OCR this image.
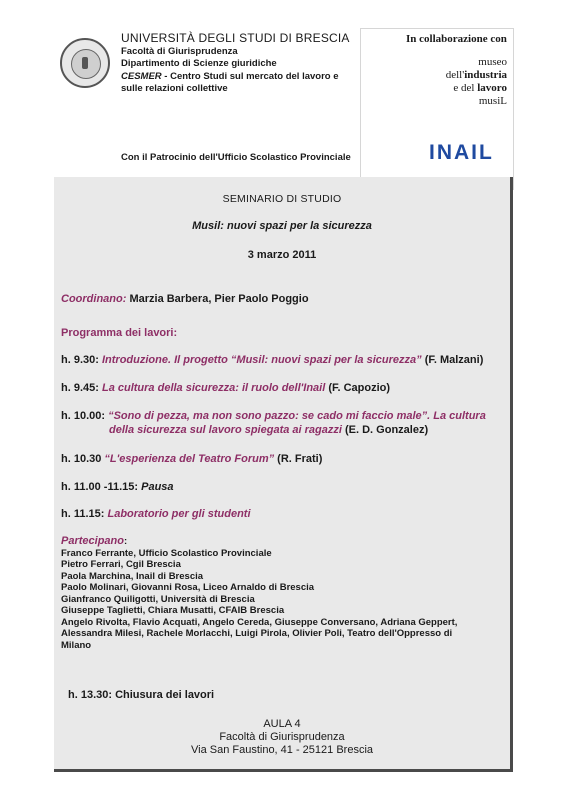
UNIVERSITÀ DEGLI STUDI DI BRESCIA
Facoltà di Giurisprudenza
Dipartimento di Scienze giuridiche
CESMER - Centro Studi sul mercato del lavoro e
sulle relazioni collettive
In collaborazione con
museo
dell'industria
e del lavoro
musiL
INAIL
Con il Patrocinio dell'Ufficio Scolastico Provinciale
SEMINARIO DI STUDIO
Musil: nuovi spazi per la sicurezza
3 marzo 2011
Coordinano: Marzia Barbera, Pier Paolo Poggio
Programma dei lavori:
h. 9.30: Introduzione. Il progetto “Musil: nuovi spazi per la sicurezza” (F. Malzani)
h. 9.45: La cultura della sicurezza: il ruolo dell'Inail (F. Capozio)
h. 10.00: “Sono di pezza, ma non sono pazzo: se cado mi faccio male”. La cultura
della sicurezza sul lavoro spiegata ai ragazzi (E. D. Gonzalez)
h. 10.30 “L'esperienza del Teatro Forum” (R. Frati)
h. 11.00 -11.15: Pausa
h. 11.15: Laboratorio per gli studenti
Partecipano:
Franco Ferrante, Ufficio Scolastico Provinciale
Pietro Ferrari, Cgil Brescia
Paola Marchina, Inail di Brescia
Paolo Molinari, Giovanni Rosa, Liceo Arnaldo di Brescia
Gianfranco Quiligotti, Università di Brescia
Giuseppe Taglietti, Chiara Musatti, CFAIB Brescia
Angelo Rivolta, Flavio Acquati, Angelo Cereda, Giuseppe Conversano, Adriana Geppert,
Alessandra Milesi, Rachele Morlacchi, Luigi Pirola, Olivier Poli, Teatro dell'Oppresso di
Milano
h. 13.30: Chiusura dei lavori
AULA 4
Facoltà di Giurisprudenza
Via San Faustino, 41 - 25121 Brescia
